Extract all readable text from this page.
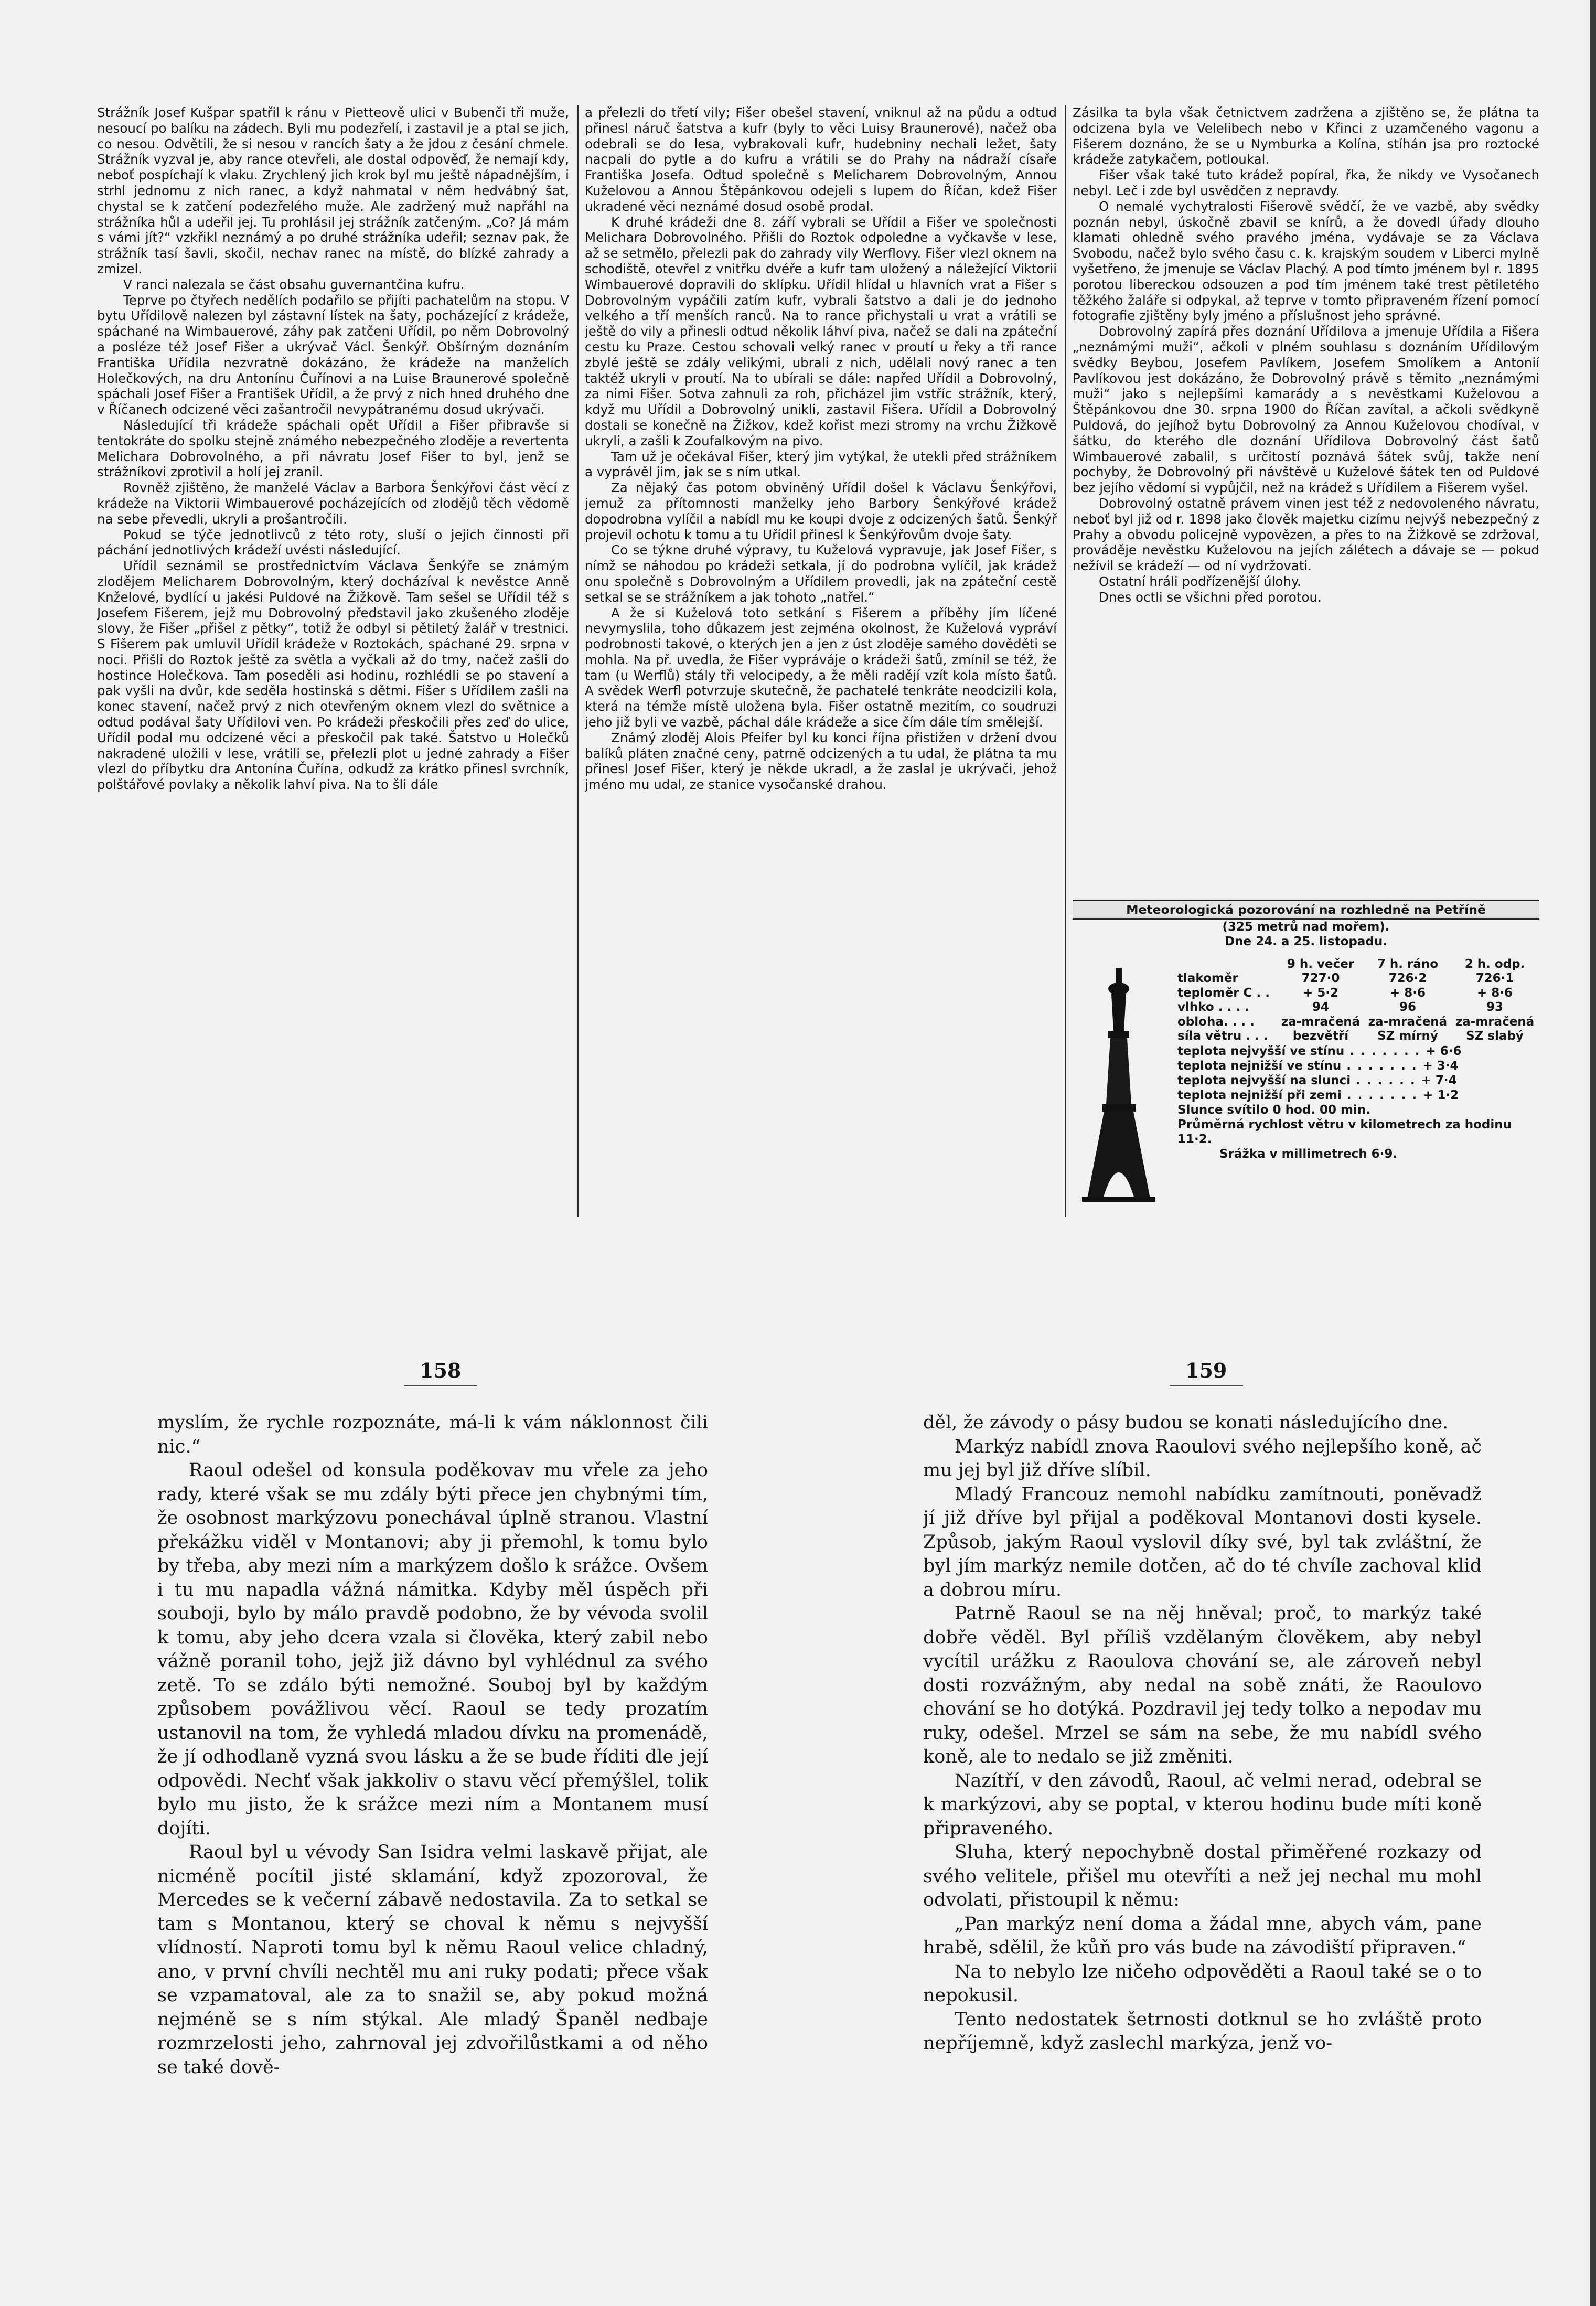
Strážník Josef Kušpar spatřil k ránu v Pietteově ulici v Bubenči tři muže, nesoucí po balíku na zádech. Byli mu podezřelí, i zastavil je a ptal se jich, co nesou. Odvětili, že si nesou v rancích šaty a že jdou z česání chmele. Strážník vyzval je, aby rance otevřeli, ale dostal odpověď, že nemají kdy, neboť pospíchají k vlaku. Zrychlený jich krok byl mu ještě nápadnějším, i strhl jednomu z nich ranec, a když nahmatal v něm hedvábný šat, chystal se k zatčení podezřelého muže. Ale zadržený muž napřáhl na strážníka hůl a udeřil jej. Tu prohlásil jej strážník zatčeným. „Co? Já mám s vámi jít?“ vzkřikl neznámý a po druhé strážníka udeřil; seznav pak, že strážník tasí šavli, skočil, nechav ranec na místě, do blízké zahrady a zmizel.

V ranci nalezala se část obsahu guvernantčina kufru.

Teprve po čtyřech nedělích podařilo se přijíti pachatelům na stopu. V bytu Uřídilově nalezen byl zástavní lístek na šaty, pocházející z krádeže, spáchané na Wimbauerové, záhy pak zatčeni Uřídil, po něm Dobrovolný a posléze též Josef Fišer a ukrývač Václ. Šenkýř. Obšírným doznáním Františka Uřídila nezvratně dokázáno, že krádeže na manželích Holečkových, na dru Antonínu Čuřínovi a na Luise Braunerové společně spáchali Josef Fišer a František Uřídil, a že prvý z nich hned druhého dne v Říčanech odcizené věci zašantročil nevypátranému dosud ukrývači.

Následující tři krádeže spáchali opět Uřídil a Fišer přibravše si tentokráte do spolku stejně známého nebezpečného zloděje a revertenta Melichara Dobrovolného, a při návratu Josef Fišer to byl, jenž se strážníkovi zprotivil a holí jej zranil.

Rovněž zjištěno, že manželé Václav a Barbora Šenkýřovi část věcí z krádeže na Viktorii Wimbauerové pocházejících od zlodějů těch vědomě na sebe převedli, ukryli a prošantročili.

Pokud se týče jednotlivců z této roty, sluší o jejich činnosti při páchání jednotlivých krádeží uvésti následující.

Uřídil seznámil se prostřednictvím Václava Šenkýře se známým zlodějem Melicharem Dobrovolným, který docházíval k nevěstce Anně Knželové, bydlící u jakési Puldové na Žižkově. Tam sešel se Uřídil též s Josefem Fišerem, jejž mu Dobrovolný představil jako zkušeného zloděje slovy, že Fišer „přišel z pětky“, totiž že odbyl si pětiletý žalář v trestnici. S Fišerem pak umluvil Uřídil krádeže v Roztokách, spáchané 29. srpna v noci. Přišli do Roztok ještě za světla a vyčkali až do tmy, načež zašli do hostince Holečkova. Tam poseděli asi hodinu, rozhlédli se po stavení a pak vyšli na dvůr, kde seděla hostinská s dětmi. Fišer s Uřídilem zašli na konec stavení, načež prvý z nich otevřeným oknem vlezl do světnice a odtud podával šaty Uřídilovi ven. Po krádeži přeskočili přes zeď do ulice, Uřídil podal mu odcizené věci a přeskočil pak také. Šatstvo u Holečků nakradené uložili v lese, vrátili se, přelezli plot u jedné zahrady a Fišer vlezl do příbytku dra Antonína Čuřína, odkudž za krátko přinesl svrchník, polštářové povlaky a několik lahví piva. Na to šli dále

a přelezli do třetí vily; Fišer obešel stavení, vniknul až na půdu a odtud přinesl náruč šatstva a kufr (byly to věci Luisy Braunerové), načež oba odebrali se do lesa, vybrakovali kufr, hudebniny nechali ležet, šaty nacpali do pytle a do kufru a vrátili se do Prahy na nádraží císaře Františka Josefa. Odtud společně s Melicharem Dobrovolným, Annou Kuželovou a Annou Štěpánkovou odejeli s lupem do Říčan, kdež Fišer ukradené věci neznámé dosud osobě prodal.

K druhé krádeži dne 8. září vybrali se Uřídil a Fišer ve společnosti Melichara Dobrovolného. Přišli do Roztok odpoledne a vyčkavše v lese, až se setmělo, přelezli pak do zahrady vily Werflovy. Fišer vlezl oknem na schodiště, otevřel z vnitřku dvéře a kufr tam uložený a náležející Viktorii Wimbauerové dopravili do sklípku. Uřídil hlídal u hlavních vrat a Fišer s Dobrovolným vypáčili zatím kufr, vybrali šatstvo a dali je do jednoho velkého a tří menších ranců. Na to rance přichystali u vrat a vrátili se ještě do vily a přinesli odtud několik láhví piva, načež se dali na zpáteční cestu ku Praze. Cestou schovali velký ranec v proutí u řeky a tři rance zbylé ještě se zdály velikými, ubrali z nich, udělali nový ranec a ten taktéž ukryli v proutí. Na to ubírali se dále: napřed Uřídil a Dobrovolný, za nimi Fišer. Sotva zahnuli za roh, přicházel jim vstříc strážník, který, když mu Uřídil a Dobrovolný unikli, zastavil Fišera. Uřídil a Dobrovolný dostali se konečně na Žižkov, kdež kořist mezi stromy na vrchu Žižkově ukryli, a zašli k Zoufalkovým na pivo.

Tam už je očekával Fišer, který jim vytýkal, že utekli před strážníkem a vyprávěl jim, jak se s ním utkal.

Za nějaký čas potom obviněný Uřídil došel k Václavu Šenkýřovi, jemuž za přítomnosti manželky jeho Barbory Šenkýřové krádež dopodrobna vylíčil a nabídl mu ke koupi dvoje z odcizených šatů. Šenkýř projevil ochotu k tomu a tu Uřídil přinesl k Šenkýřovům dvoje šaty.

Co se týkne druhé výpravy, tu Kuželová vypravuje, jak Josef Fišer, s nímž se náhodou po krádeži setkala, jí do podrobna vylíčil, jak krádež onu společně s Dobrovolným a Uřídilem provedli, jak na zpáteční cestě setkal se se strážníkem a jak tohoto „natřel.“

A že si Kuželová toto setkání s Fišerem a příběhy jím líčené nevymyslila, toho důkazem jest zejména okolnost, že Kuželová vypráví podrobnosti takové, o kterých jen a jen z úst zloděje samého dověděti se mohla. Na př. uvedla, že Fišer vypráváje o krádeži šatů, zmínil se též, že tam (u Werflů) stály tři velocipedy, a že měli radějí vzít kola místo šatů. A svědek Werfl potvrzuje skutečně, že pachatelé tenkráte neodcizili kola, která na témže místě uložena byla. Fišer ostatně mezitím, co soudruzi jeho již byli ve vazbě, páchal dále krádeže a sice čím dále tím smělejší.

Známý zloděj Alois Pfeifer byl ku konci října přistižen v držení dvou balíků pláten značné ceny, patrně odcizených a tu udal, že plátna ta mu přinesl Josef Fišer, který je někde ukradl, a že zaslal je ukrývači, jehož jméno mu udal, ze stanice vysočanské drahou.

Zásilka ta byla však četnictvem zadržena a zjištěno se, že plátna ta odcizena byla ve Velelibech nebo v Křinci z uzamčeného vagonu a Fišerem doznáno, že se u Nymburka a Kolína, stíhán jsa pro roztocké krádeže zatykačem, potloukal.

Fišer však také tuto krádež popíral, řka, že nikdy ve Vysočanech nebyl. Leč i zde byl usvědčen z nepravdy.

O nemalé vychytralosti Fišerově svědčí, že ve vazbě, aby svědky poznán nebyl, úskočně zbavil se knírů, a že dovedl úřady dlouho klamati ohledně svého pravého jména, vydávaje se za Václava Svobodu, načež bylo svého času c. k. krajským soudem v Liberci mylně vyšetřeno, že jmenuje se Václav Plachý. A pod tímto jménem byl r. 1895 porotou libereckou odsouzen a pod tím jménem také trest pětiletého těžkého žaláře si odpykal, až teprve v tomto připraveném řízení pomocí fotografie zjištěny byly jméno a příslušnost jeho správné.

Dobrovolný zapírá přes doznání Uřídilova a jmenuje Uřídila a Fišera „neznámými muži“, ačkoli v plném souhlasu s doznáním Uřídilovým svědky Beybou, Josefem Pavlíkem, Josefem Smolíkem a Antonií Pavlíkovou jest dokázáno, že Dobrovolný právě s těmito „neznámými muži“ jako s nejlepšími kamarády a s nevěstkami Kuželovou a Štěpánkovou dne 30. srpna 1900 do Říčan zavítal, a ačkoli svědkyně Puldová, do jejíhož bytu Dobrovolný za Annou Kuželovou chodíval, v šátku, do kterého dle doznání Uřídilova Dobrovolný část šatů Wimbauerové zabalil, s určitostí poznává šátek svůj, takže není pochyby, že Dobrovolný při návštěvě u Kuželové šátek ten od Puldové bez jejího vědomí si vypůjčil, než na krádež s Uřídilem a Fišerem vyšel.

Dobrovolný ostatně právem vinen jest též z nedovoleného návratu, neboť byl již od r. 1898 jako člověk majetku cizímu nejvýš nebezpečný z Prahy a obvodu policejně vypovězen, a přes to na Žižkově se zdržoval, prováděje nevěstku Kuželovou na jejích zálétech a dávaje se — pokud nežívil se krádeží — od ní vydržovati.

Ostatní hráli podřízenější úlohy.

Dnes octli se všichni před porotou.

Meteorologická pozorování na rozhledně na Petříně
(325 metrů nad mořem).
Dne 24. a 25. listopadu.
9 h. večer	7 h. ráno	2 h. odp.
tlakoměr	727·0	726·2	726·1
teploměr C . .	+ 5·2	+ 8·6	+ 8·6
vlhko . . . .	94	96	93
obloha. . . .	za-mračená za-mračená za-mračená
síla větru . . .	bezvětří	SZ mírný	SZ slabý
teplota nejvyšší ve stínu . . . . . . . + 6·6
teplota nejnižší ve stínu . . . . . . . + 3·4
teplota nejvyšší na slunci . . . . . . + 7·4
teplota nejnižší při zemi . . . . . . . + 1·2
Slunce svítilo 0 hod. 00 min.
Průměrná rychlost větru v kilometrech za hodinu 11·2.
Srážka v millimetrech 6·9.
158	159

myslím, že rychle rozpoznáte, má-li k vám náklonnost čili nic.“

Raoul odešel od konsula poděkovav mu vřele za jeho rady, které však se mu zdály býti přece jen chybnými tím, že osobnost markýzovu ponechával úplně stranou. Vlastní překážku viděl v Montanovi; aby ji přemohl, k tomu bylo by třeba, aby mezi ním a markýzem došlo k srážce. Ovšem i tu mu napadla vážná námitka. Kdyby měl úspěch při souboji, bylo by málo pravdě podobno, že by vévoda svolil k tomu, aby jeho dcera vzala si člověka, který zabil nebo vážně poranil toho, jejž již dávno byl vyhlédnul za svého zetě. To se zdálo býti nemožné. Souboj byl by každým způsobem povážlivou věcí. Raoul se tedy prozatím ustanovil na tom, že vyhledá mladou dívku na promenádě, že jí odhodlaně vyzná svou lásku a že se bude říditi dle její odpovědi. Nechť však jakkoliv o stavu věcí přemýšlel, tolik bylo mu jisto, že k srážce mezi ním a Montanem musí dojíti.

Raoul byl u vévody San Isidra velmi laskavě přijat, ale nicméně pocítil jisté sklamání, když zpozoroval, že Mercedes se k večerní zábavě nedostavila. Za to setkal se tam s Montanou, který se choval k němu s nejvyšší vlídností. Naproti tomu byl k němu Raoul velice chladný, ano, v první chvíli nechtěl mu ani ruky podati; přece však se vzpamatoval, ale za to snažil se, aby pokud možná nejméně se s ním stýkal. Ale mladý Španěl nedbaje rozmrzelosti jeho, zahrnoval jej zdvořilůstkami a od něho se také dově-

děl, že závody o pásy budou se konati následujícího dne.

Markýz nabídl znova Raoulovi svého nejlepšího koně, ač mu jej byl již dříve slíbil.

Mladý Francouz nemohl nabídku zamítnouti, poněvadž jí již dříve byl přijal a poděkoval Montanovi dosti kysele. Způsob, jakým Raoul vyslovil díky své, byl tak zvláštní, že byl jím markýz nemile dotčen, ač do té chvíle zachoval klid a dobrou míru.

Patrně Raoul se na něj hněval; proč, to markýz také dobře věděl. Byl příliš vzdělaným člověkem, aby nebyl vycítil urážku z Raoulova chování se, ale zároveň nebyl dosti rozvážným, aby nedal na sobě znáti, že Raoulovo chování se ho dotýká. Pozdravil jej tedy tolko a nepodav mu ruky, odešel. Mrzel se sám na sebe, že mu nabídl svého koně, ale to nedalo se již změniti.

Nazítří, v den závodů, Raoul, ač velmi nerad, odebral se k markýzovi, aby se poptal, v kterou hodinu bude míti koně připraveného.

Sluha, který nepochybně dostal přiměřené rozkazy od svého velitele, přišel mu otevříti a než jej nechal mu mohl odvolati, přistoupil k němu:

„Pan markýz není doma a žádal mne, abych vám, pane hrabě, sdělil, že kůň pro vás bude na závodiští připraven.“

Na to nebylo lze ničeho odpověděti a Raoul také se o to nepokusil.

Tento nedostatek šetrnosti dotknul se ho zvláště proto nepříjemně, když zaslechl markýza, jenž vo-
